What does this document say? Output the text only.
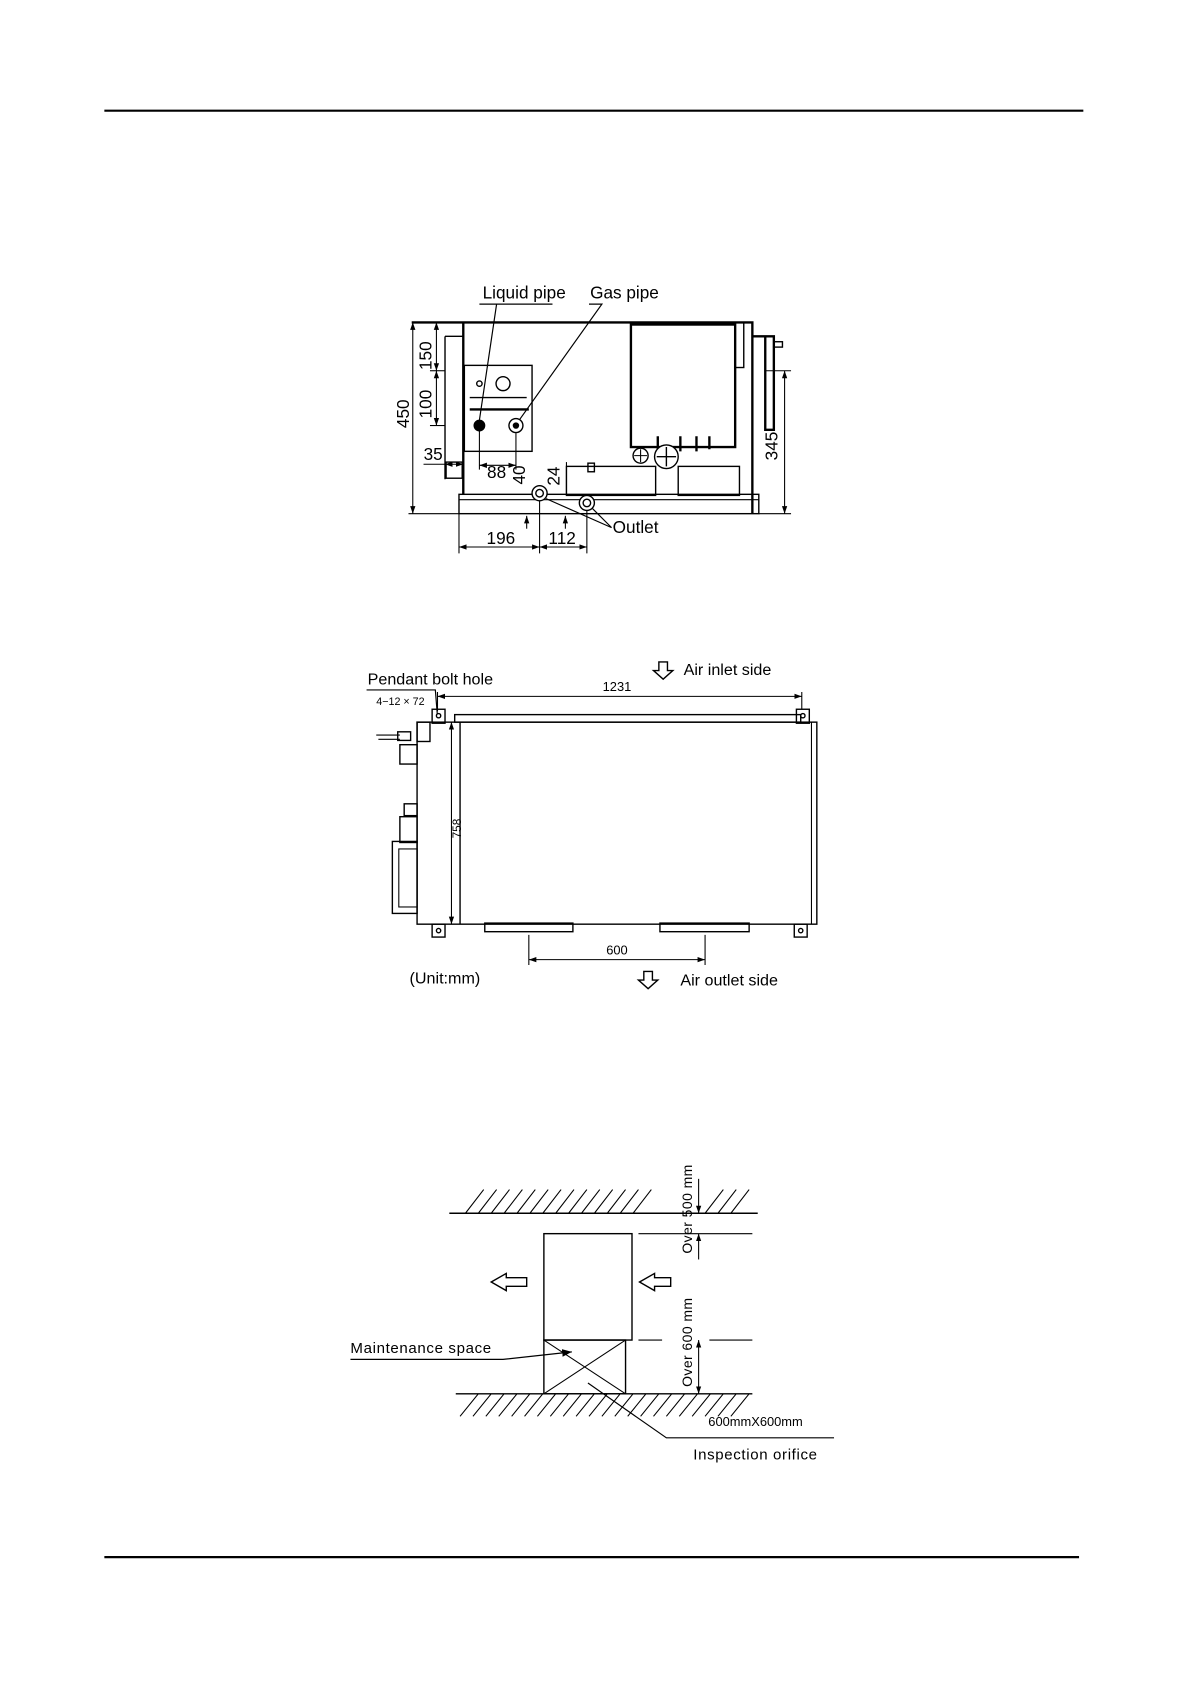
Liquid pipe Gas pipe
150
100
450
35
88 40 24
196 112
345
Outlet
Pendant bolt hole
4−12 × 72
Air inlet side
1231
758
600
(Unit:mm)	Air outlet side
Over 500 mm
Over 600 mm
Maintenance space
600mmX600mm
Inspection orifice
